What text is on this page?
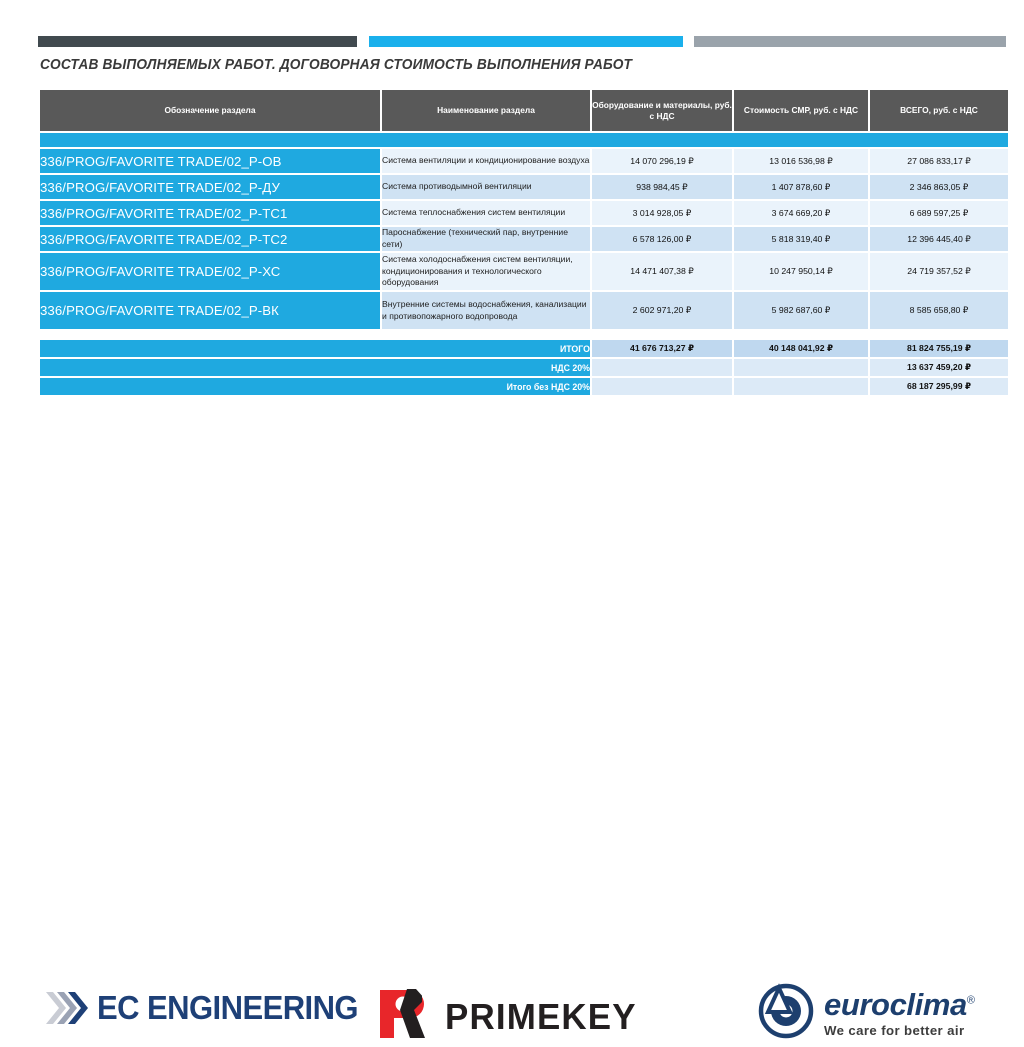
СОСТАВ ВЫПОЛНЯЕМЫХ РАБОТ. ДОГОВОРНАЯ СТОИМОСТЬ ВЫПОЛНЕНИЯ РАБОТ
Обозначение раздела	Наименование раздела	Оборудование и материалы, руб. с НДС	Стоимость СМР, руб. с НДС	ВСЕГО, руб. с НДС

336/PROG/FAVORITE TRADE/02_Р-ОВ	Система вентиляции и кондиционирование воздуха	14 070 296,19 ₽	13 016 536,98 ₽	27 086 833,17 ₽
336/PROG/FAVORITE TRADE/02_Р-ДУ	Система противодымной вентиляции	938 984,45 ₽	1 407 878,60 ₽	2 346 863,05 ₽
336/PROG/FAVORITE TRADE/02_Р-ТС1	Система теплоснабжения систем вентиляции	3 014 928,05 ₽	3 674 669,20 ₽	6 689 597,25 ₽
336/PROG/FAVORITE TRADE/02_Р-ТС2	Пароснабжение (технический пар, внутренние сети)	6 578 126,00 ₽	5 818 319,40 ₽	12 396 445,40 ₽
336/PROG/FAVORITE TRADE/02_Р-ХС	Система холодоснабжения систем вентиляции, кондиционирования и технологического оборудования	14 471 407,38 ₽	10 247 950,14 ₽	24 719 357,52 ₽
336/PROG/FAVORITE TRADE/02_Р-ВК	Внутренние системы водоснабжения, канализации и противопожарного водопровода	2 602 971,20 ₽	5 982 687,60 ₽	8 585 658,80 ₽

ИТОГО		41 676 713,27 ₽	40 148 041,92 ₽	81 824 755,19 ₽
НДС 20%				13 637 459,20 ₽
Итого без НДС 20%				68 187 295,99 ₽
EC ENGINEERING PRIMEKEY	euroclima®
We care for better air
